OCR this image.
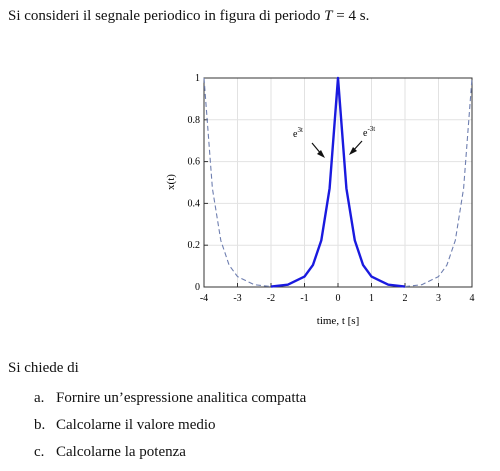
Si consideri il segnale periodico in figura di periodo T = 4 s.
0
0.2
0.4
0.6
0.8
1
-4	-3	-2	-1	0	1	2	3	4
$e^{3t}$	$e^{-3t}$
time, t [s]
x(t)
Si chiede di
a. Fornire un’espressione analitica compatta
b. Calcolarne il valore medio
c. Calcolarne la potenza
